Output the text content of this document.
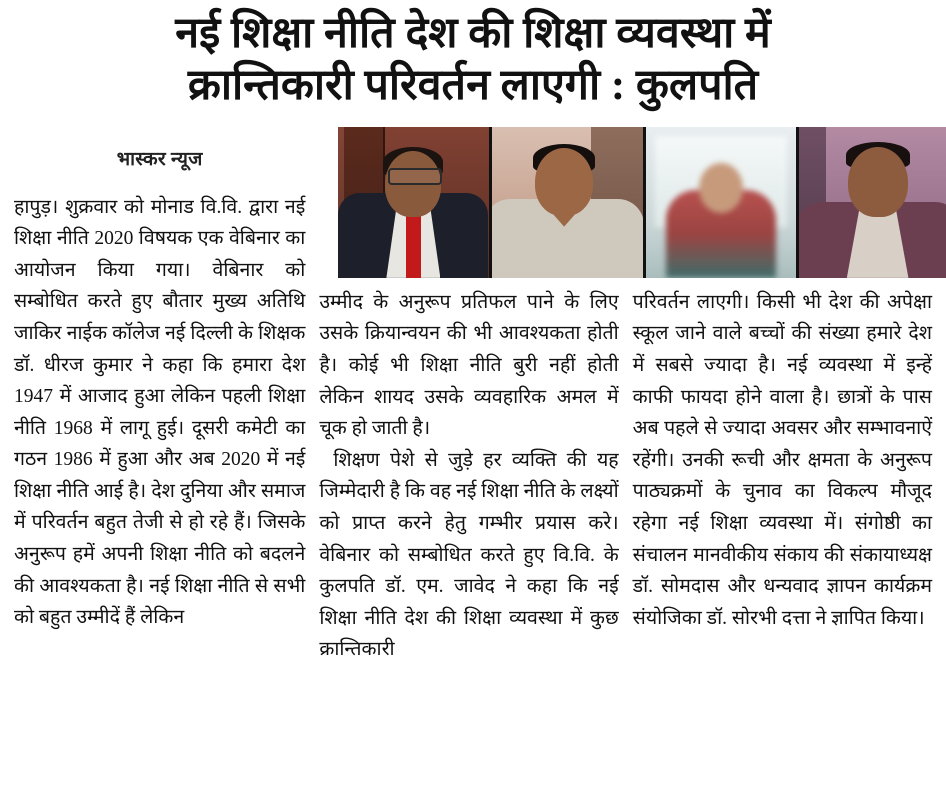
नई शिक्षा नीति देश की शिक्षा व्यवस्था में
क्रान्तिकारी परिवर्तन लाएगी : कुलपति
भास्कर न्यूज

हापुड़। शुक्रवार को मोनाड वि.वि. द्वारा नई शिक्षा नीति 2020 विषयक एक वेबिनार का आयोजन किया गया। वेबिनार को सम्बोधित करते हुए बौतार मुख्य अतिथि जाकिर नाईक कॉलेज नई दिल्ली के शिक्षक डॉ. धीरज कुमार ने कहा कि हमारा देश 1947 में आजाद हुआ लेकिन पहली शिक्षा नीति 1968 में लागू हुई। दूसरी कमेटी का गठन 1986 में हुआ और अब 2020 में नई शिक्षा नीति आई है। देश दुनिया और समाज में परिवर्तन बहुत तेजी से हो रहे हैं। जिसके अनुरूप हमें अपनी शिक्षा नीति को बदलने की आवश्यकता है। नई शिक्षा नीति से सभी को बहुत उम्मीदें हैं लेकिन

उम्मीद के अनुरूप प्रतिफल पाने के लिए उसके क्रियान्वयन की भी आवश्यकता होती है। कोई भी शिक्षा नीति बुरी नहीं होती लेकिन शायद उसके व्यवहारिक अमल में चूक हो जाती है।

शिक्षण पेशे से जुड़े हर व्यक्ति की यह जिम्मेदारी है कि वह नई शिक्षा नीति के लक्ष्यों को प्राप्त करने हेतु गम्भीर प्रयास करे। वेबिनार को सम्बोधित करते हुए वि.वि. के कुलपति डॉ. एम. जावेद ने कहा कि नई शिक्षा नीति देश की शिक्षा व्यवस्था में कुछ क्रान्तिकारी

परिवर्तन लाएगी। किसी भी देश की अपेक्षा स्कूल जाने वाले बच्चों की संख्या हमारे देश में सबसे ज्यादा है। नई व्यवस्था में इन्हें काफी फायदा होने वाला है। छात्रों के पास अब पहले से ज्यादा अवसर और सम्भावनाऐं रहेंगी। उनकी रूची और क्षमता के अनुरूप पाठ्यक्रमों के चुनाव का विकल्प मौजूद रहेगा नई शिक्षा व्यवस्था में। संगोष्ठी का संचालन मानवीकीय संकाय की संकायाध्यक्ष डॉ. सोमदास और धन्यवाद ज्ञापन कार्यक्रम संयोजिका डॉ. सोरभी दत्ता ने ज्ञापित किया।
